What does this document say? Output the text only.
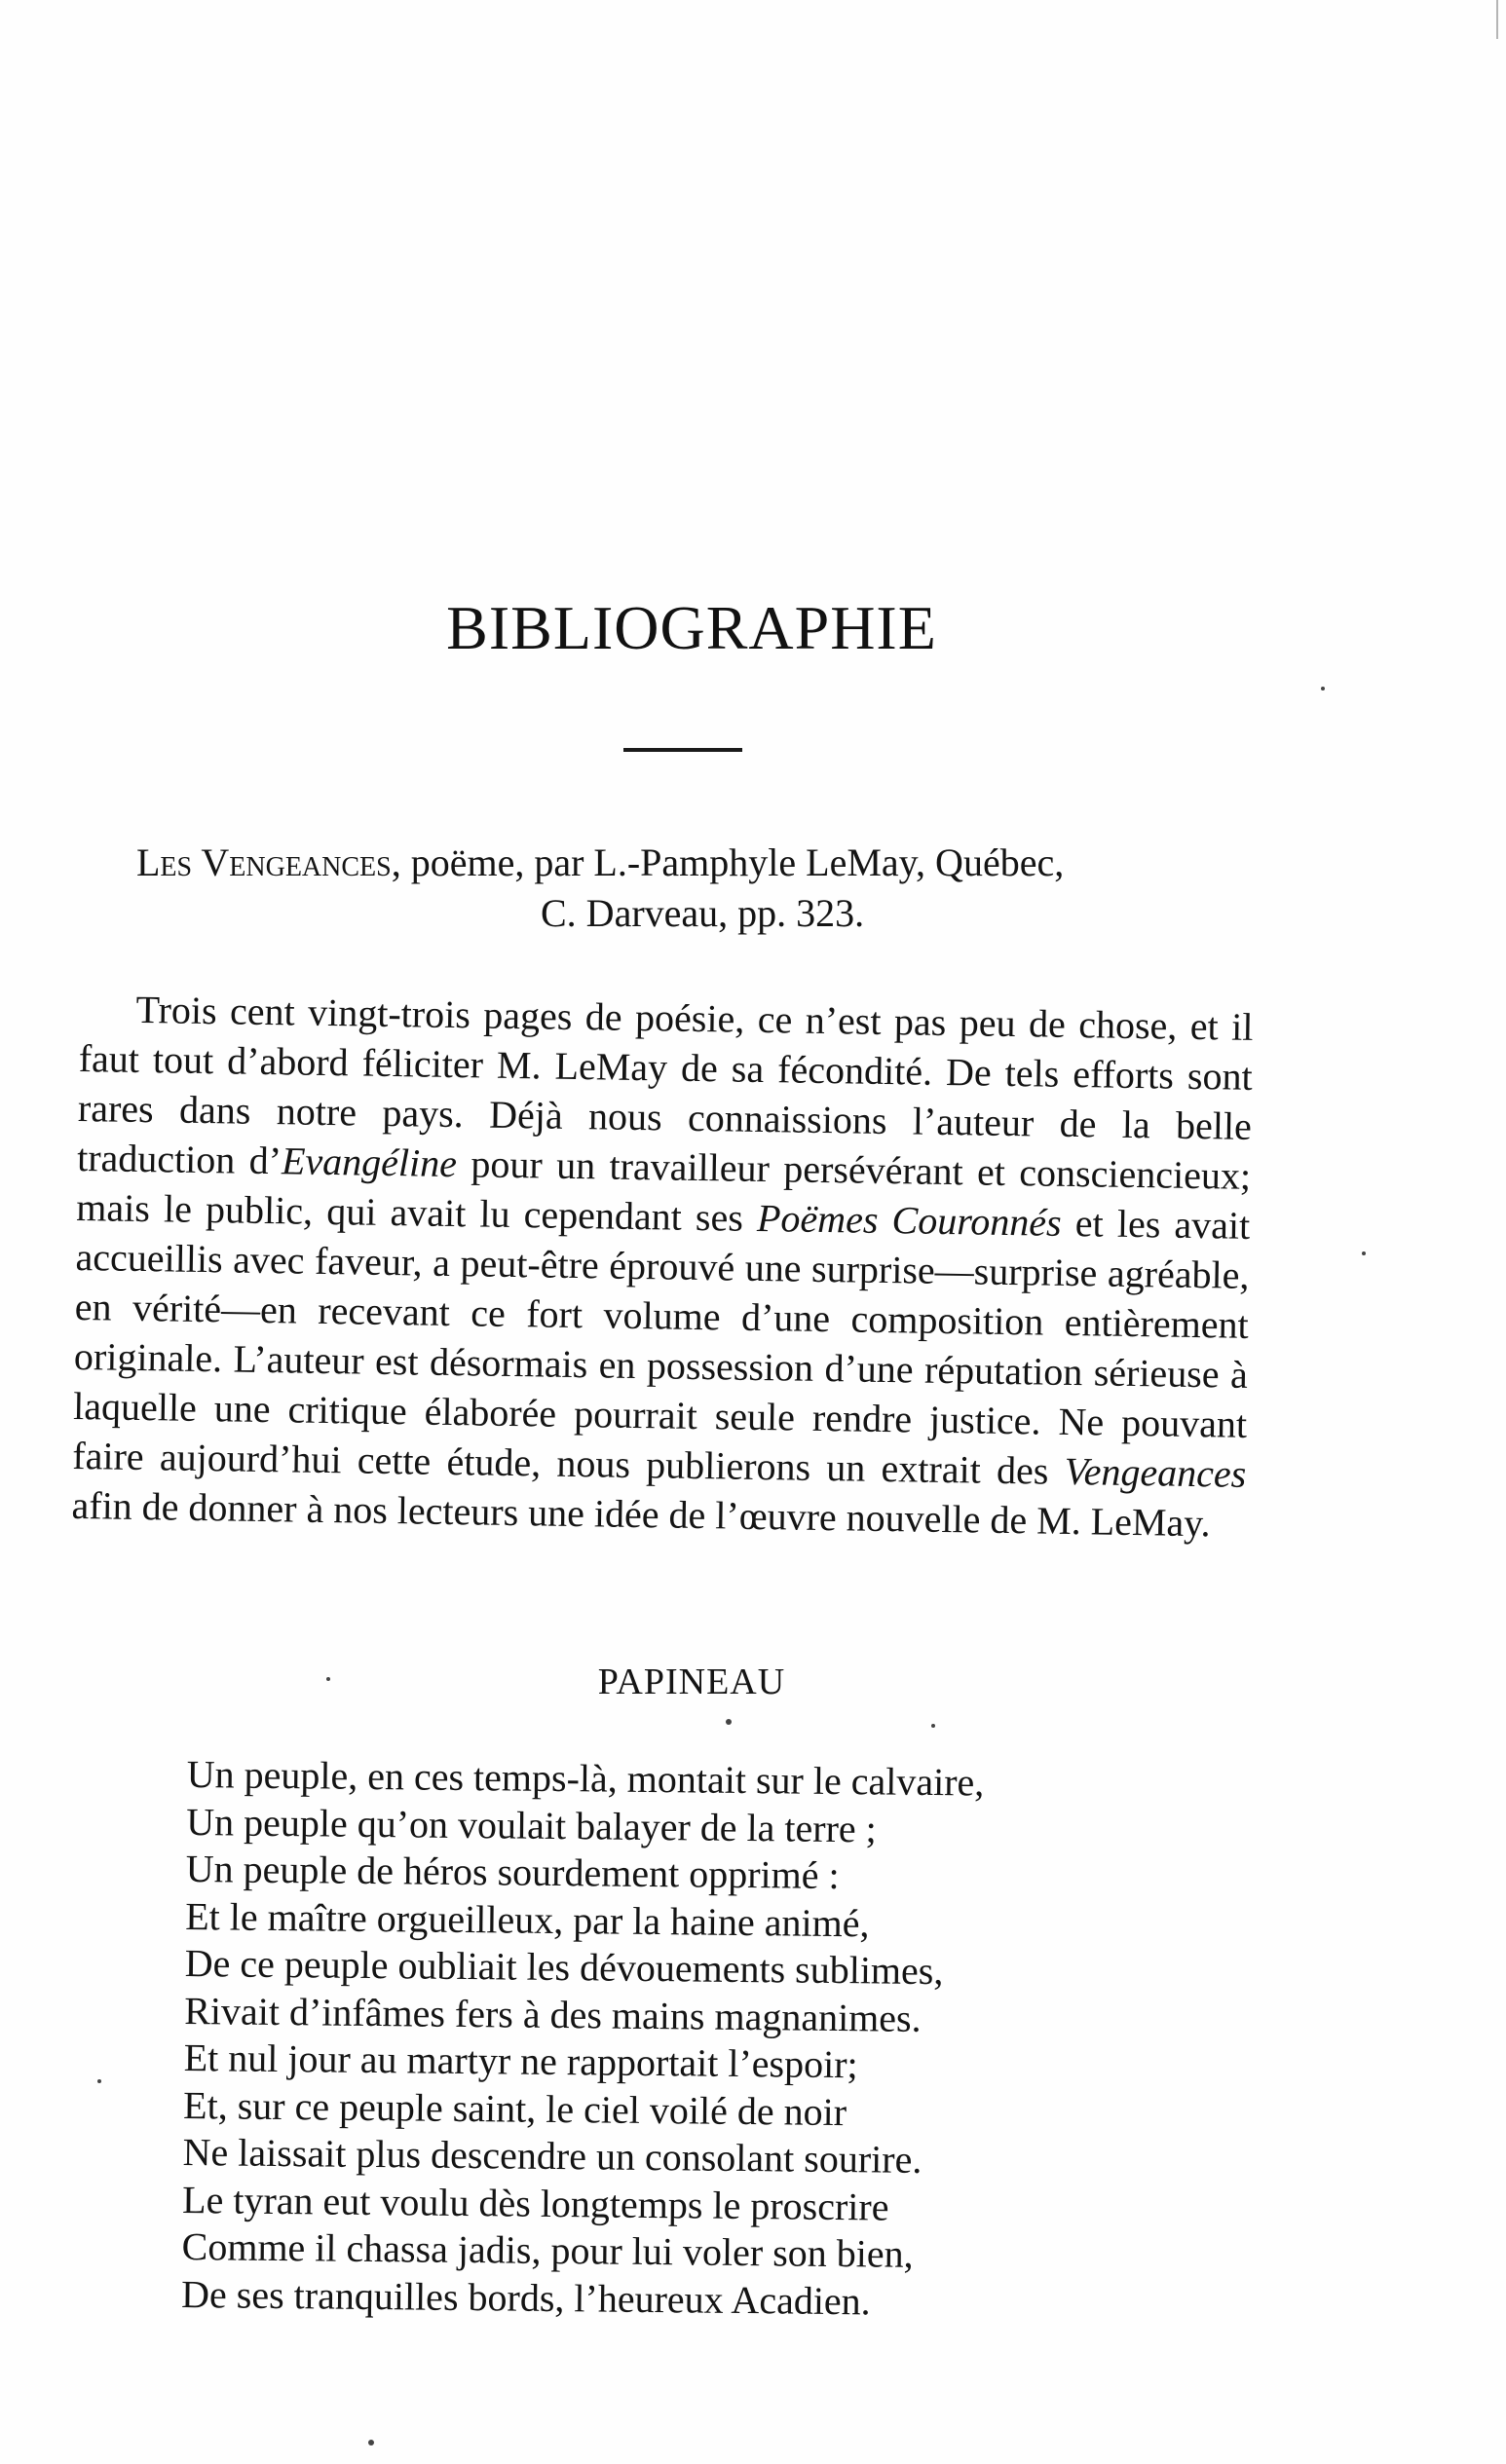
BIBLIOGRAPHIE
Les Vengeances, poëme, par L.-Pamphyle LeMay, Québec,
C. Darveau, pp. 323.
Trois cent vingt-trois pages de poésie, ce n’est pas peu de chose, et il faut tout d’abord féliciter M. LeMay de sa fécondité. De tels efforts sont rares dans notre pays. Déjà nous connaissions l’auteur de la belle traduction d’Evangéline pour un travailleur persévérant et consciencieux; mais le public, qui avait lu cependant ses Poëmes Couronnés et les avait accueillis avec faveur, a peut-être éprouvé une surprise—surprise agréable, en vérité—en recevant ce fort volume d’une composition entièrement originale. L’auteur est désormais en possession d’une réputation sérieuse à laquelle une critique élaborée pourrait seule rendre justice. Ne pouvant faire aujourd’hui cette étude, nous publierons un extrait des Vengeances afin de donner à nos lecteurs une idée de l’œuvre nouvelle de M. LeMay.
PAPINEAU
Un peuple, en ces temps-là, montait sur le calvaire,
Un peuple qu’on voulait balayer de la terre ;
Un peuple de héros sourdement opprimé :
Et le maître orgueilleux, par la haine animé,
De ce peuple oubliait les dévouements sublimes,
Rivait d’infâmes fers à des mains magnanimes.
Et nul jour au martyr ne rapportait l’espoir;
Et, sur ce peuple saint, le ciel voilé de noir
Ne laissait plus descendre un consolant sourire.
Le tyran eut voulu dès longtemps le proscrire
Comme il chassa jadis, pour lui voler son bien,
De ses tranquilles bords, l’heureux Acadien.
